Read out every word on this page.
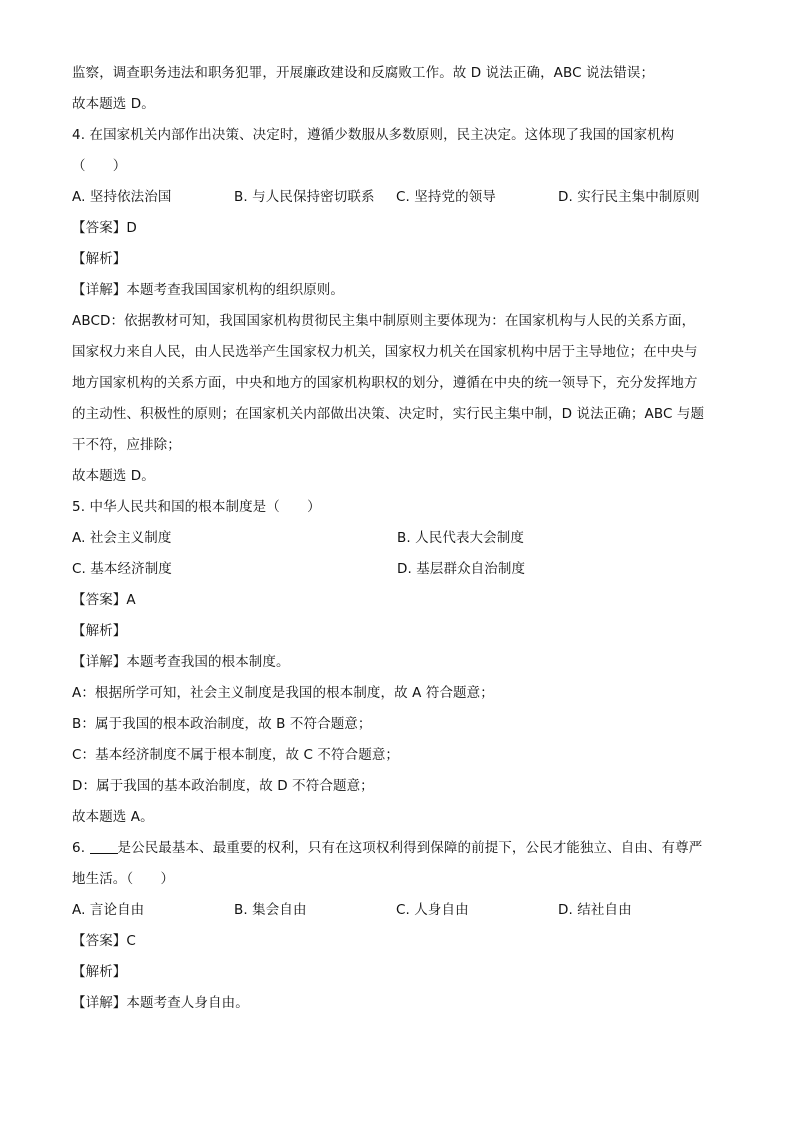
监察，调查职务违法和职务犯罪，开展廉政建设和反腐败工作。故 D 说法正确，ABC 说法错误；
故本题选 D。
4. 在国家机关内部作出决策、决定时，遵循少数服从多数原则，民主决定。这体现了我国的国家机构
（　　）
A. 坚持依法治国	B. 与人民保持密切联系	C. 坚持党的领导	D. 实行民主集中制原则
【答案】D
【解析】
【详解】本题考查我国国家机构的组织原则。
ABCD：依据教材可知，我国国家机构贯彻民主集中制原则主要体现为：在国家机构与人民的关系方面，
国家权力来自人民，由人民选举产生国家权力机关，国家权力机关在国家机构中居于主导地位；在中央与
地方国家机构的关系方面，中央和地方的国家机构职权的划分，遵循在中央的统一领导下，充分发挥地方
的主动性、积极性的原则；在国家机关内部做出决策、决定时，实行民主集中制，D 说法正确；ABC 与题
干不符，应排除；
故本题选 D。
5. 中华人民共和国的根本制度是（　　）
A. 社会主义制度	B. 人民代表大会制度
C. 基本经济制度	D. 基层群众自治制度
【答案】A
【解析】
【详解】本题考查我国的根本制度。
A：根据所学可知，社会主义制度是我国的根本制度，故 A 符合题意；
B：属于我国的根本政治制度，故 B 不符合题意；
C：基本经济制度不属于根本制度，故 C 不符合题意；
D：属于我国的基本政治制度，故 D 不符合题意；
故本题选 A。
6. 是公民最基本、最重要的权利，只有在这项权利得到保障的前提下，公民才能独立、自由、有尊严
地生活。（　　）
A. 言论自由	B. 集会自由	C. 人身自由	D. 结社自由
【答案】C
【解析】
【详解】本题考查人身自由。
